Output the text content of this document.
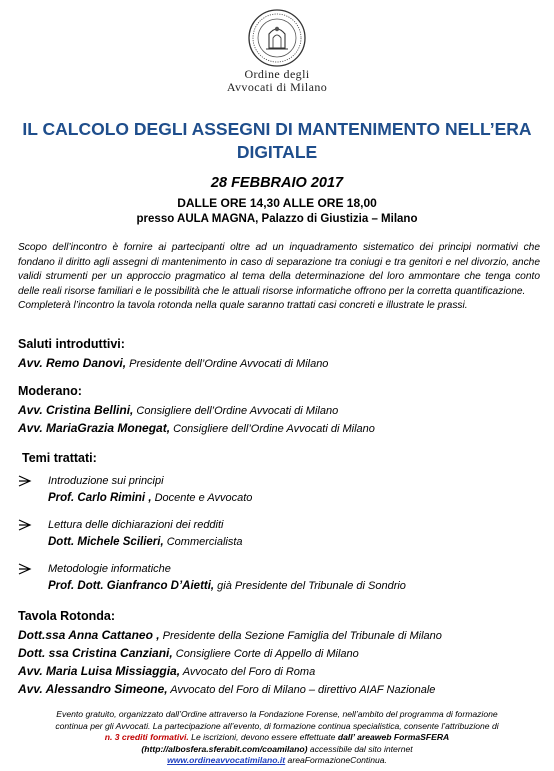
Ordine degli
Avvocati di Milano
IL CALCOLO DEGLI ASSEGNI DI MANTENIMENTO NELL’ERA
DIGITALE
28 FEBBRAIO 2017
DALLE ORE 14,30 ALLE ORE 18,00
presso AULA MAGNA, Palazzo di Giustizia – Milano

Scopo dell’incontro è fornire ai partecipanti oltre ad un inquadramento sistematico dei principi normativi che fondano il diritto agli assegni di mantenimento in caso di separazione tra coniugi e tra genitori e nel divorzio, anche validi strumenti per un approccio pragmatico al tema della determinazione del loro ammontare che tenga conto delle reali risorse familiari e le possibilità che le attuali risorse informatiche offrono per la corretta quantificazione.

Completerà l’incontro la tavola rotonda nella quale saranno trattati casi concreti e illustrate le prassi.

Saluti introduttivi:
Avv. Remo Danovi, Presidente dell’Ordine Avvocati di Milano
Moderano:
Avv. Cristina Bellini, Consigliere dell’Ordine Avvocati di Milano
Avv. MariaGrazia Monegat, Consigliere dell’Ordine Avvocati di Milano
Temi trattati:
Introduzione sui principi
Prof. Carlo Rimini , Docente e Avvocato
Lettura delle dichiarazioni dei redditi
Dott. Michele Scilieri, Commercialista
Metodologie informatiche
Prof. Dott. Gianfranco D’Aietti, già Presidente del Tribunale di Sondrio
Tavola Rotonda:
Dott.ssa Anna Cattaneo , Presidente della Sezione Famiglia del Tribunale di Milano
Dott. ssa Cristina Canziani, Consigliere Corte di Appello di Milano
Avv. Maria Luisa Missiaggia, Avvocato del Foro di Roma
Avv. Alessandro Simeone, Avvocato del Foro di Milano – direttivo AIAF Nazionale
Evento gratuito, organizzato dall’Ordine attraverso la Fondazione Forense, nell’ambito del programma di formazione
continua per gli Avvocati. La partecipazione all’evento, di formazione continua specialistica, consente l’attribuzione di
n. 3 crediti formativi. Le iscrizioni, devono essere effettuate dall’ areaweb FormaSFERA
(http://albosfera.sferabit.com/coamilano) accessibile dal sito internet
www.ordineavvocatimilano.it areaFormazioneContinua.
